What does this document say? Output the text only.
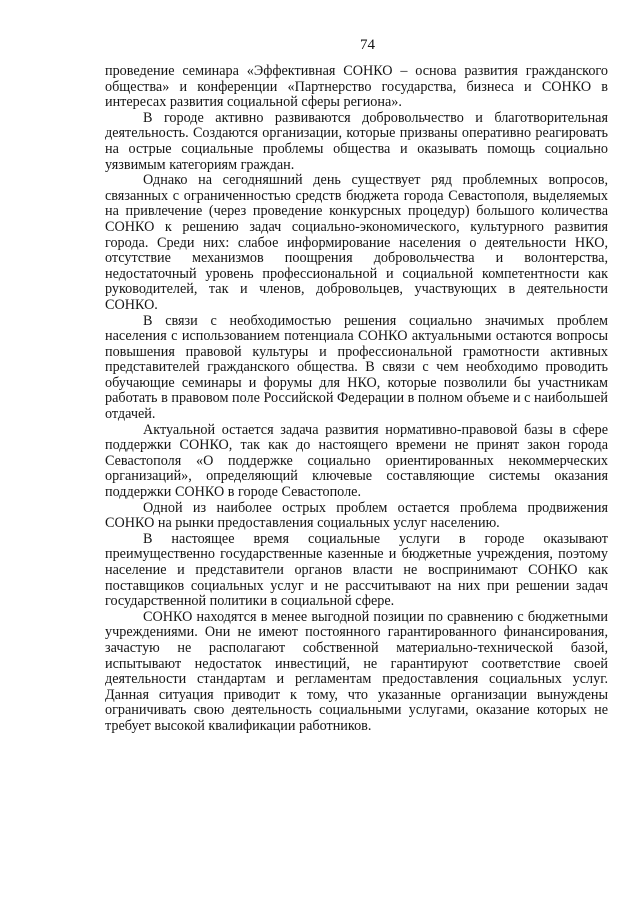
74

проведение семинара «Эффективная СОНКО – основа развития гражданского общества» и конференции «Партнерство государства, бизнеса и СОНКО в интересах развития социальной сферы региона».

В городе активно развиваются добровольчество и благотворительная деятельность. Создаются организации, которые призваны оперативно реагировать на острые социальные проблемы общества и оказывать помощь социально уязвимым категориям граждан.

Однако на сегодняшний день существует ряд проблемных вопросов, связанных с ограниченностью средств бюджета города Севастополя, выделяемых на привлечение (через проведение конкурсных процедур) большого количества СОНКО к решению задач социально-экономического, культурного развития города. Среди них: слабое информирование населения о деятельности НКО, отсутствие механизмов поощрения добровольчества и волонтерства, недостаточный уровень профессиональной и социальной компетентности как руководителей, так и членов, добровольцев, участвующих в деятельности СОНКО.

В связи с необходимостью решения социально значимых проблем населения с использованием потенциала СОНКО актуальными остаются вопросы повышения правовой культуры и профессиональной грамотности активных представителей гражданского общества. В связи с чем необходимо проводить обучающие семинары и форумы для НКО, которые позволили бы участникам работать в правовом поле Российской Федерации в полном объеме и с наибольшей отдачей.

Актуальной остается задача развития нормативно-правовой базы в сфере поддержки СОНКО, так как до настоящего времени не принят закон города Севастополя «О поддержке социально ориентированных некоммерческих организаций», определяющий ключевые составляющие системы оказания поддержки СОНКО в городе Севастополе.

Одной из наиболее острых проблем остается проблема продвижения СОНКО на рынки предоставления социальных услуг населению.

В настоящее время социальные услуги в городе оказывают преимущественно государственные казенные и бюджетные учреждения, поэтому население и представители органов власти не воспринимают СОНКО как поставщиков социальных услуг и не рассчитывают на них при решении задач государственной политики в социальной сфере.

СОНКО находятся в менее выгодной позиции по сравнению с бюджетными учреждениями. Они не имеют постоянного гарантированного финансирования, зачастую не располагают собственной материально-технической базой, испытывают недостаток инвестиций, не гарантируют соответствие своей деятельности стандартам и регламентам предоставления социальных услуг. Данная ситуация приводит к тому, что указанные организации вынуждены ограничивать свою деятельность социальными услугами, оказание которых не требует высокой квалификации работников.
